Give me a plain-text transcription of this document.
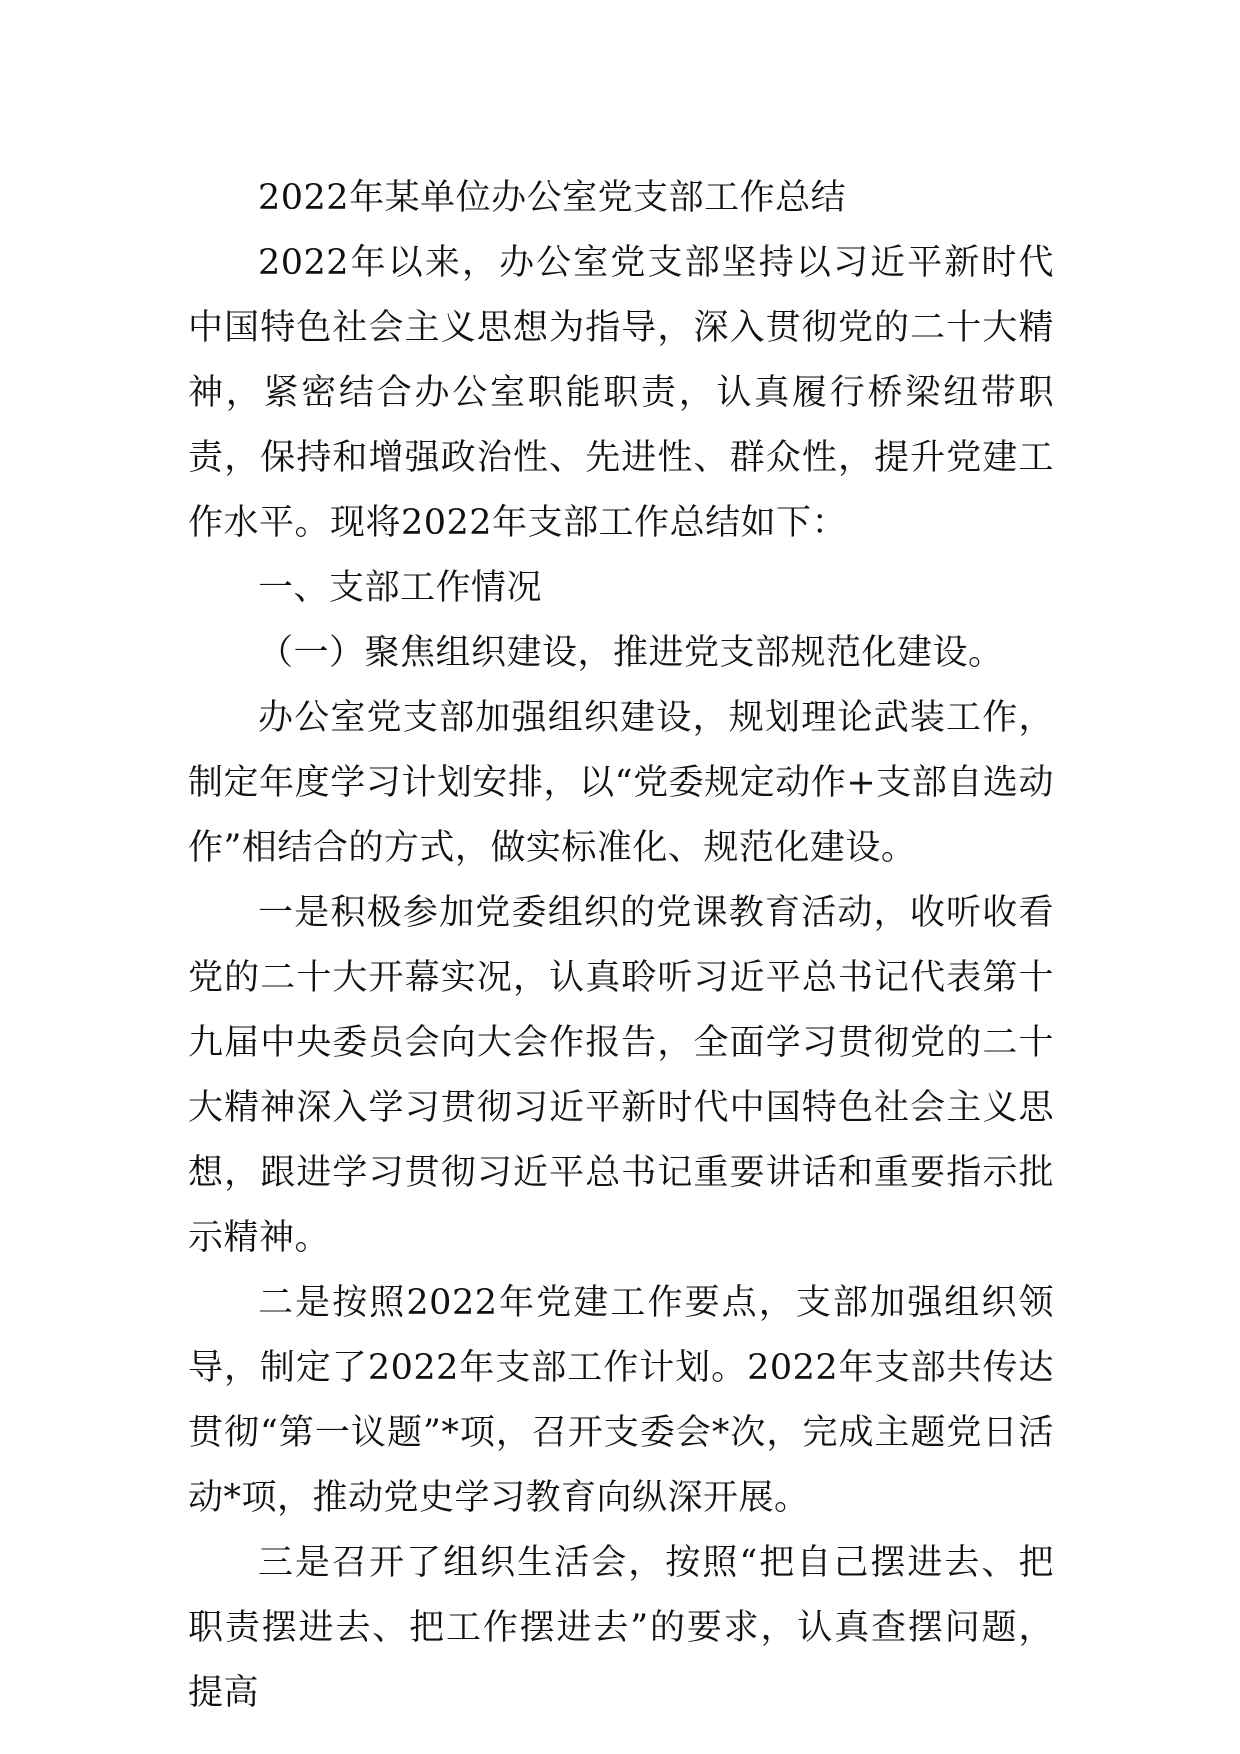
2022年某单位办公室党支部工作总结

2022年以来，办公室党支部坚持以习近平新时代中国特色社会主义思想为指导，深入贯彻党的二十大精神，紧密结合办公室职能职责，认真履行桥梁纽带职责，保持和增强政治性、先进性、群众性，提升党建工作水平。现将2022年支部工作总结如下：

一、支部工作情况

（一）聚焦组织建设，推进党支部规范化建设。

办公室党支部加强组织建设，规划理论武装工作，制定年度学习计划安排，以“党委规定动作+支部自选动作”相结合的方式，做实标准化、规范化建设。

一是积极参加党委组织的党课教育活动，收听收看党的二十大开幕实况，认真聆听习近平总书记代表第十九届中央委员会向大会作报告，全面学习贯彻党的二十大精神深入学习贯彻习近平新时代中国特色社会主义思想，跟进学习贯彻习近平总书记重要讲话和重要指示批示精神。

二是按照2022年党建工作要点，支部加强组织领导，制定了2022年支部工作计划。2022年支部共传达贯彻“第一议题”*项，召开支委会*次，完成主题党日活动*项，推动党史学习教育向纵深开展。

三是召开了组织生活会，按照“把自己摆进去、把职责摆进去、把工作摆进去”的要求，认真查摆问题，提高
